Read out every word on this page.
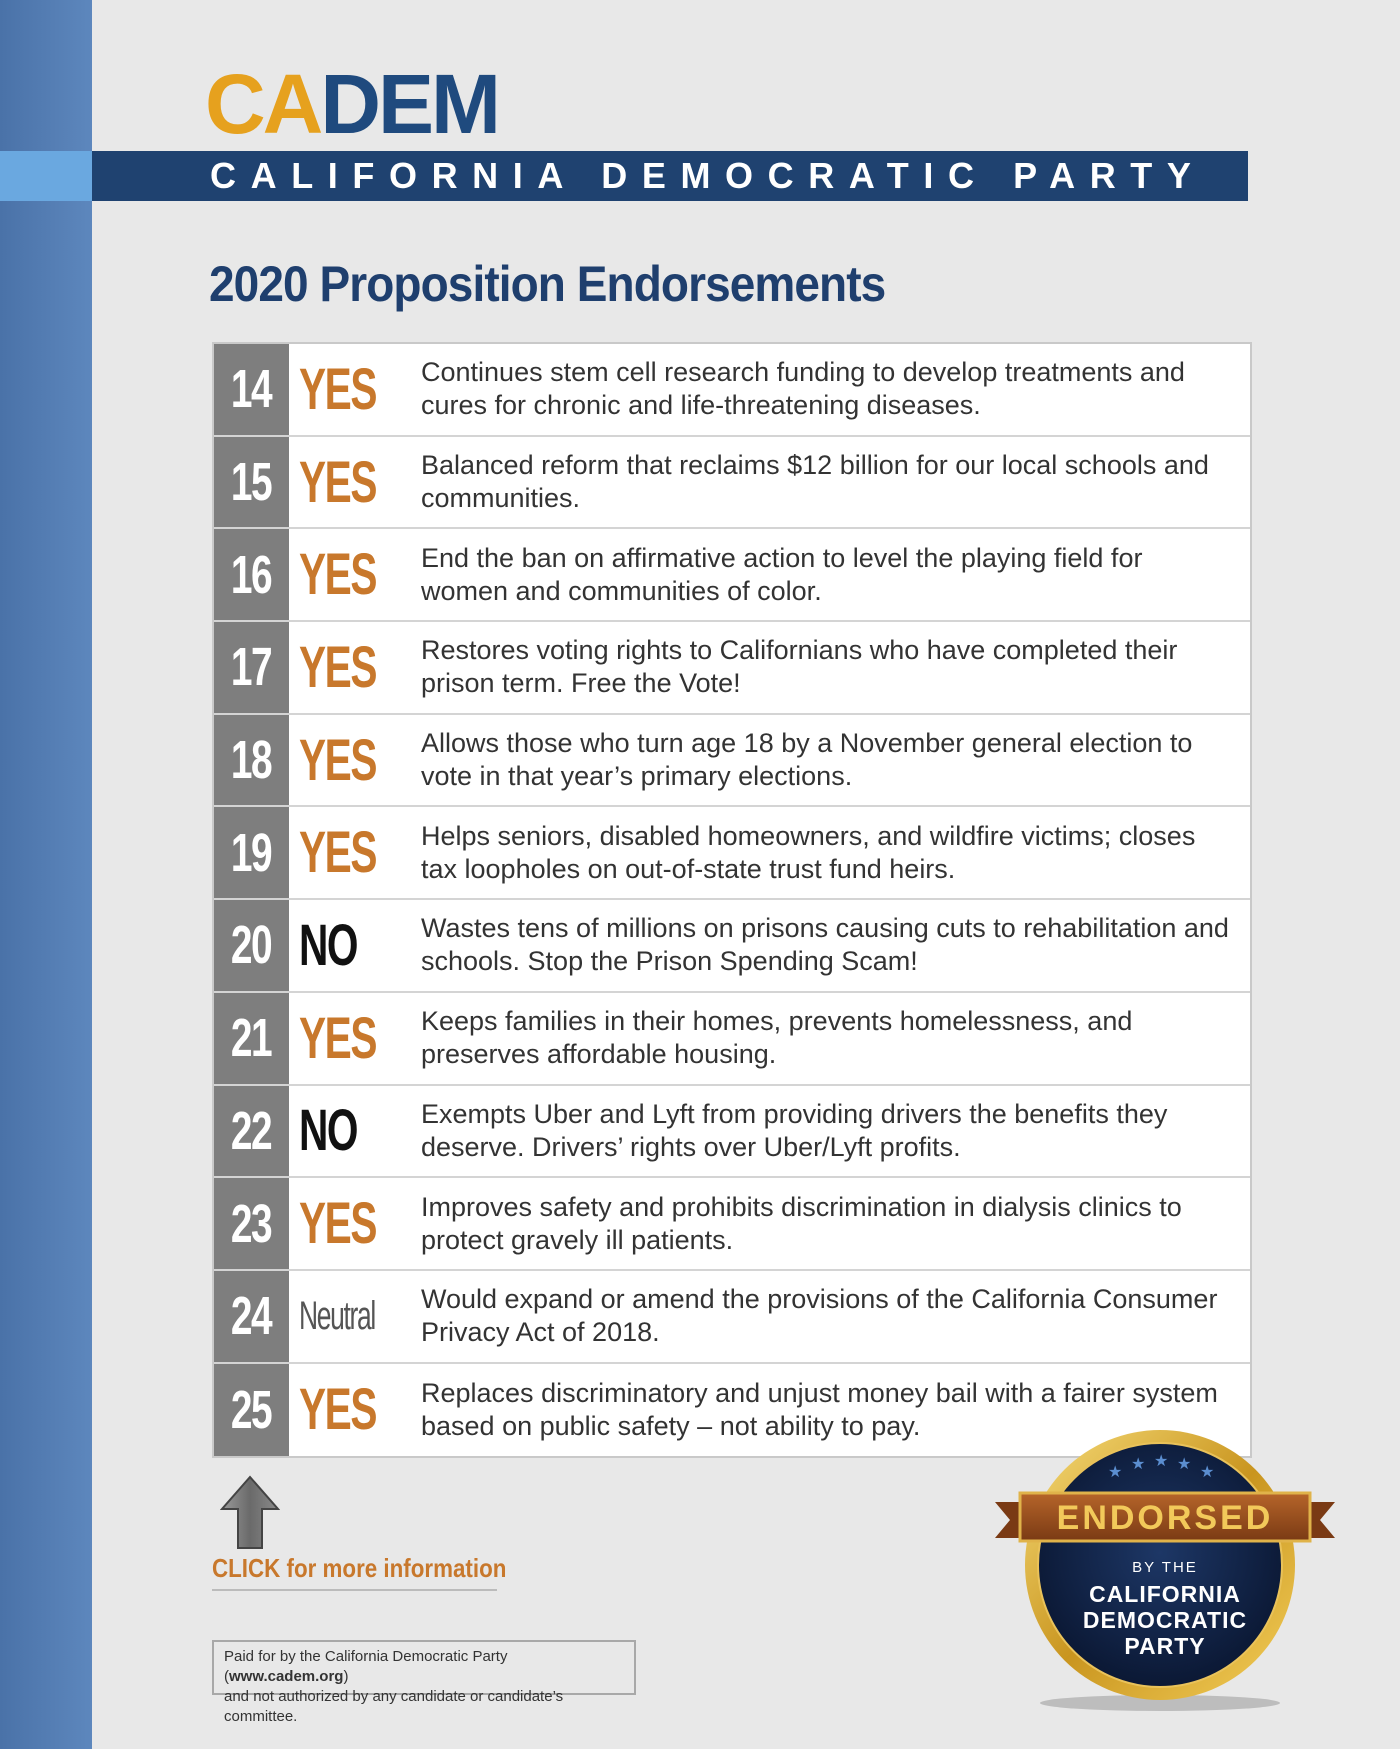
CADEM
CALIFORNIA DEMOCRATIC PARTY
2020 Proposition Endorsements
14 YES Continues stem cell research funding to develop treatments and cures for chronic and life-threatening diseases.
15 YES Balanced reform that reclaims $12 billion for our local schools and communities.
16 YES End the ban on affirmative action to level the playing field for women and communities of color.
17 YES Restores voting rights to Californians who have completed their prison term. Free the Vote!
18 YES Allows those who turn age 18 by a November general election to vote in that year’s primary elections.
19 YES Helps seniors, disabled homeowners, and wildfire victims; closes tax loopholes on out-of-state trust fund heirs.
20 NO Wastes tens of millions on prisons causing cuts to rehabilitation and schools. Stop the Prison Spending Scam!
21 YES Keeps families in their homes, prevents homelessness, and preserves affordable housing.
22 NO Exempts Uber and Lyft from providing drivers the benefits they deserve. Drivers’ rights over Uber/Lyft profits.
23 YES Improves safety and prohibits discrimination in dialysis clinics to protect gravely ill patients.
24 Neutral Would expand or amend the provisions of the California Consumer Privacy Act of 2018.
25 YES Replaces discriminatory and unjust money bail with a fairer system based on public safety – not ability to pay.
CLICK for more information
Paid for by the California Democratic Party (www.cadem.org)
and not authorized by any candidate or candidate’s committee.
★ ★ ★ ★ ★
ENDORSED
BY THE
CALIFORNIA
DEMOCRATIC
PARTY
